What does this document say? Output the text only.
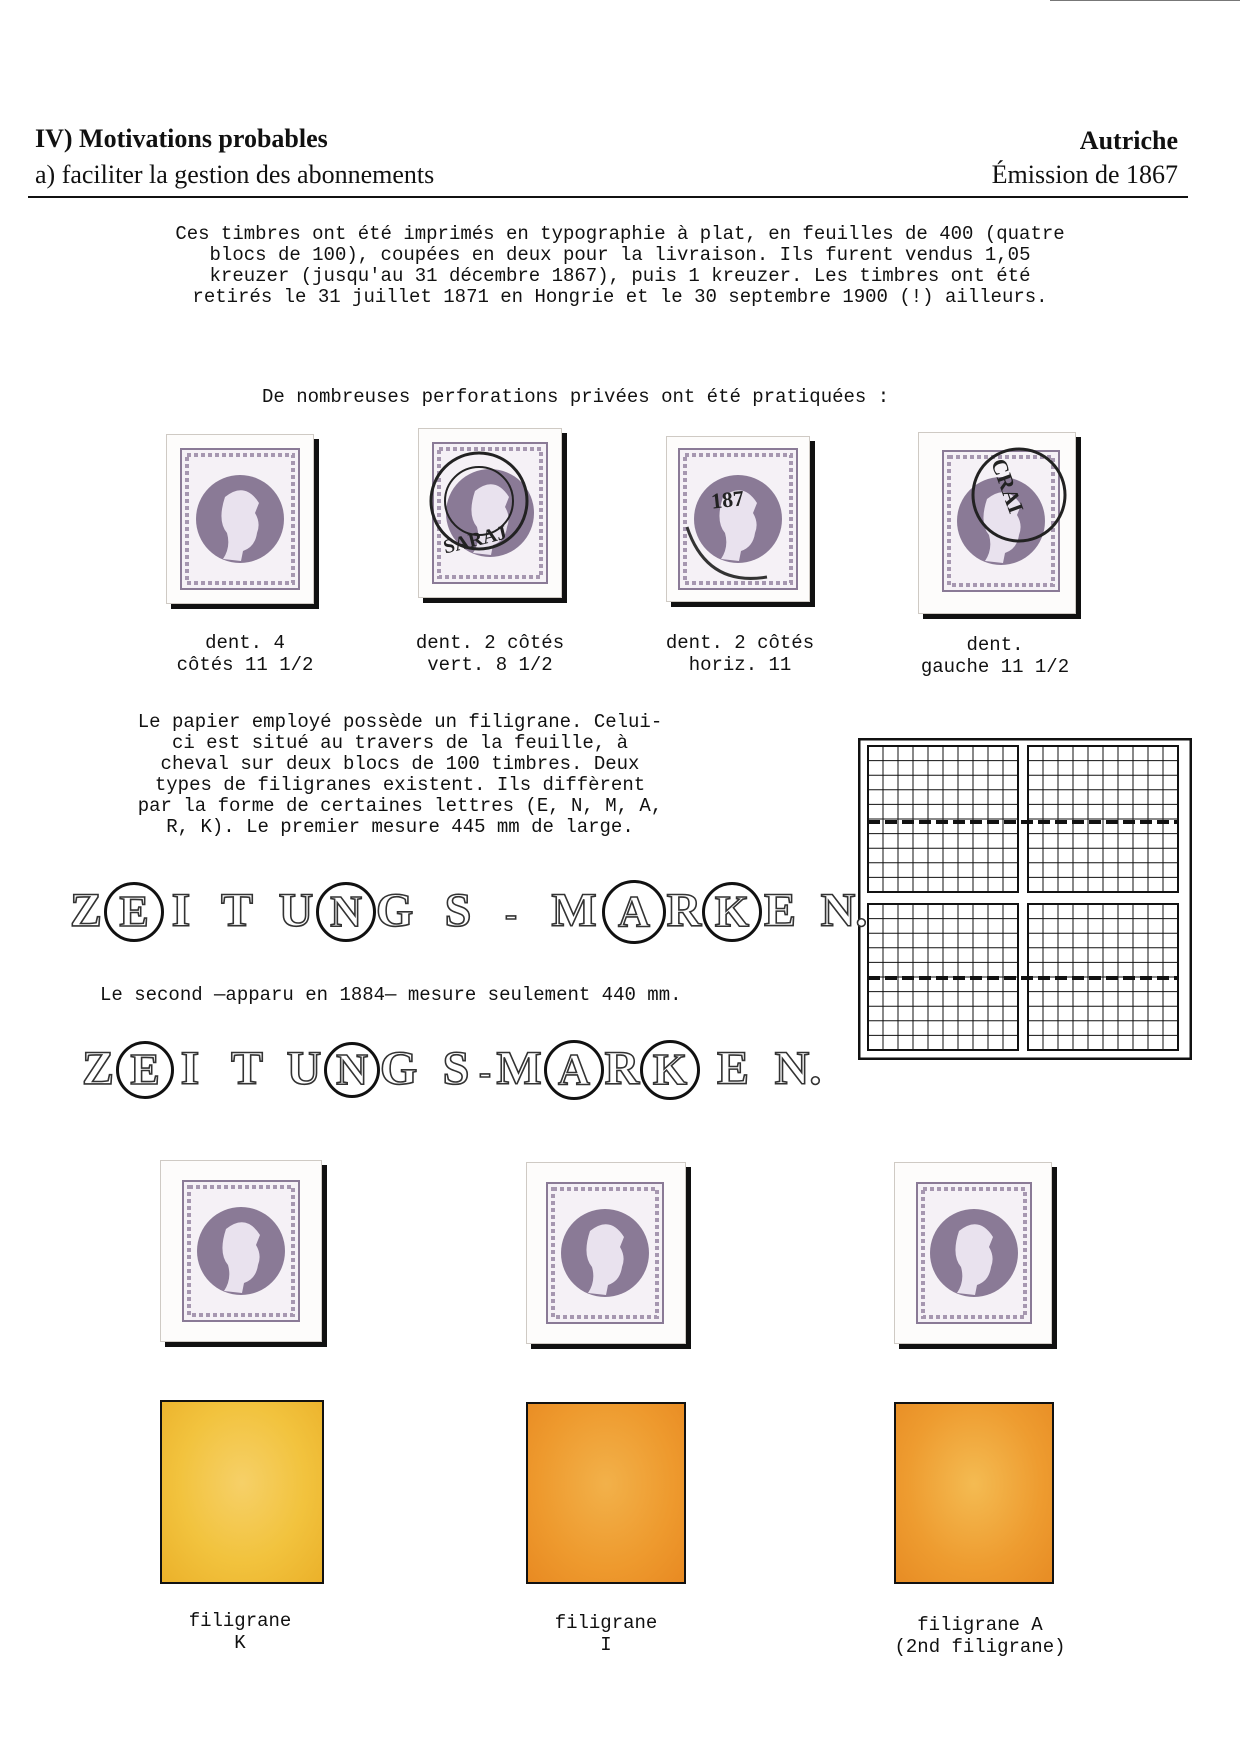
IV) Motivations probables
a) faciliter la gestion des abonnements
Autriche
Émission de 1867
Ces timbres ont été imprimés en typographie à plat, en feuilles de 400 (quatre
blocs de 100), coupées en deux pour la livraison. Ils furent vendus 1,05
kreuzer (jusqu'au 31 décembre 1867), puis 1 kreuzer. Les timbres ont été
retirés le 31 juillet 1871 en Hongrie et le 30 septembre 1900 (!) ailleurs.
De nombreuses perforations privées ont été pratiquées :
SARAJ
187	CRAI
dent. 4
côtés 11 1/2
dent. 2 côtés
vert. 8 1/2
dent. 2 côtés
horiz. 11
dent.
gauche 11 1/2
Le papier employé possède un filigrane. Celui-
ci est situé au travers de la feuille, à
cheval sur deux blocs de 100 timbres. Deux
types de filigranes existent. Ils diffèrent
par la forme de certaines lettres (E, N, M, A,
R, K). Le premier mesure 445 mm de large.
Z E I T U N G S - M A R K E N.
Le second —apparu en 1884— mesure seulement 440 mm.
Z E I T U N G S - M A R K E N.
filigrane
K
filigrane
I
filigrane A
(2nd filigrane)
